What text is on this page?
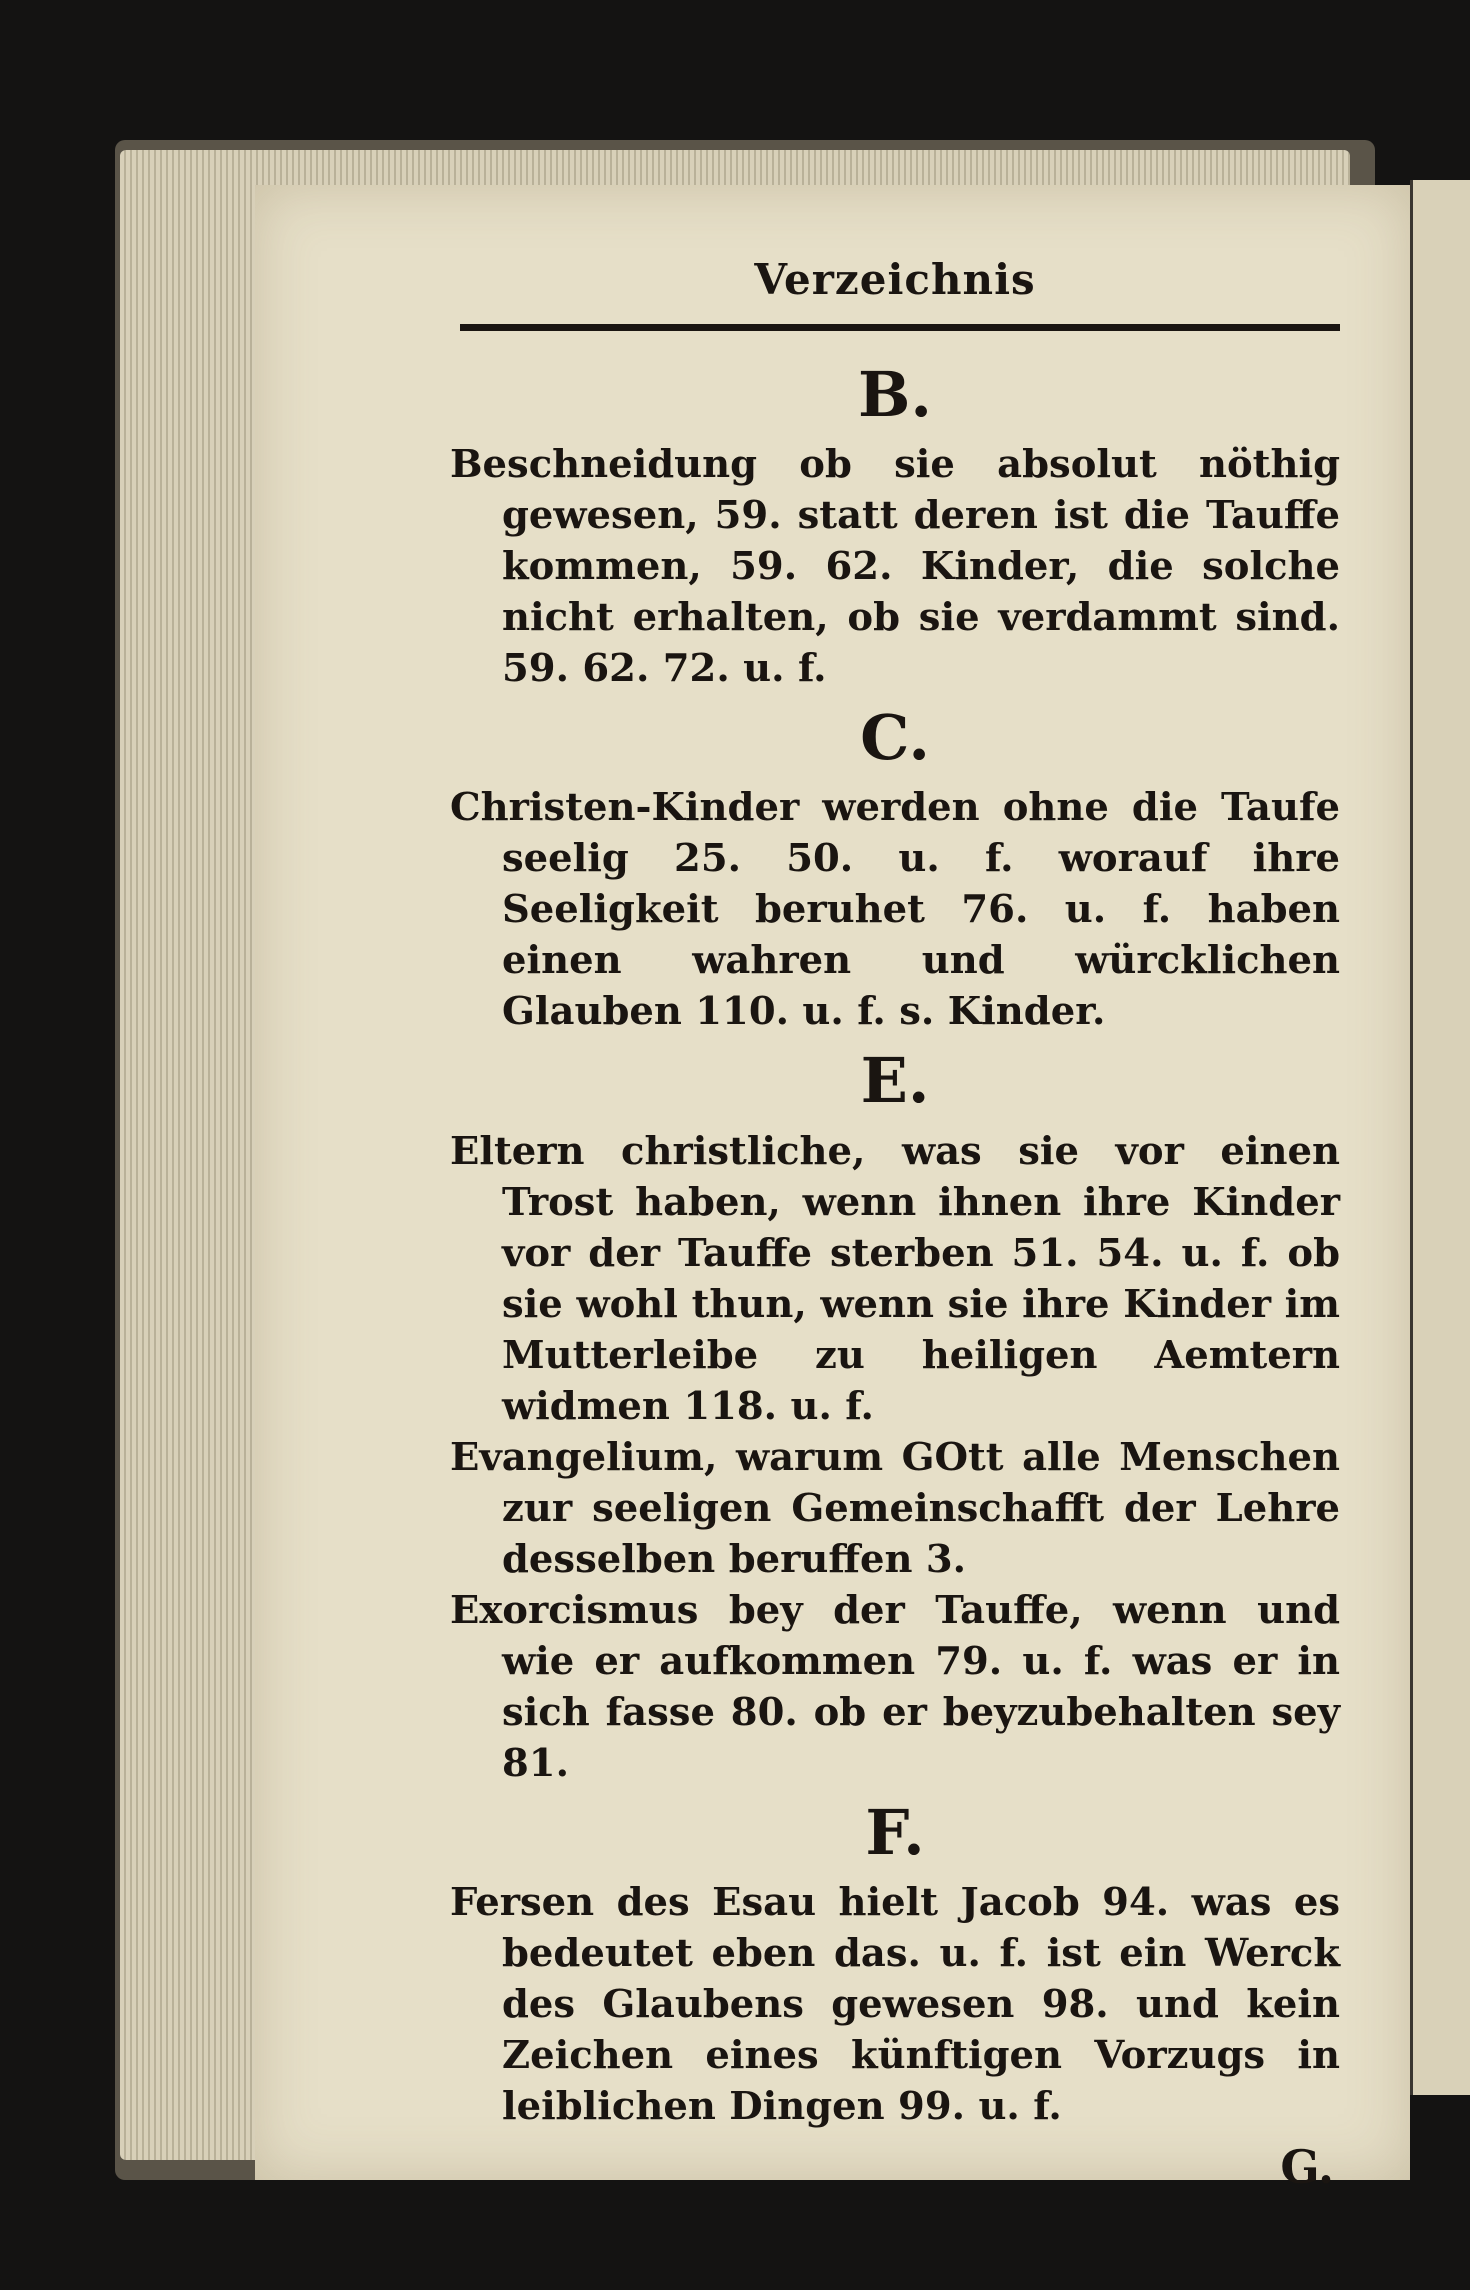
Verzeichnis
B.
Beschneidung ob sie absolut nöthig gewesen, 59. statt deren ist die Tauffe kommen, 59. 62. Kinder, die solche nicht erhalten, ob sie verdammt sind. 59. 62. 72. u. f.
C.
Christen-Kinder werden ohne die Taufe seelig 25. 50. u. f. worauf ihre Seeligkeit beruhet 76. u. f. haben einen wahren und würcklichen Glauben 110. u. f. s. Kinder.
E.
Eltern christliche, was sie vor einen Trost haben, wenn ihnen ihre Kinder vor der Tauffe sterben 51. 54. u. f. ob sie wohl thun, wenn sie ihre Kinder im Mutterleibe zu heiligen Aemtern widmen 118. u. f.
Evangelium, warum GOtt alle Menschen zur seeligen Gemeinschafft der Lehre desselben beruffen 3.
Exorcismus bey der Tauffe, wenn und wie er aufkommen 79. u. f. was er in sich fasse 80. ob er beyzubehalten sey 81.
F.
Fersen des Esau hielt Jacob 94. was es bedeutet eben das. u. f. ist ein Werck des Glaubens gewesen 98. und kein Zeichen eines künftigen Vorzugs in leiblichen Dingen 99. u. f.
G.
